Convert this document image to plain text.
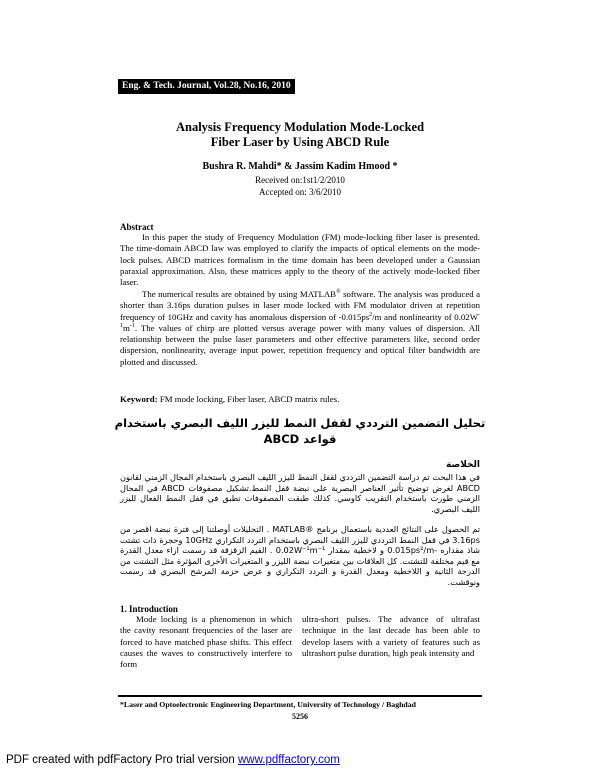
Eng. & Tech. Journal, Vol.28, No.16, 2010
Analysis Frequency Modulation Mode-Locked
Fiber Laser by Using ABCD Rule
Bushra R. Mahdi* & Jassim Kadim Hmood *
Received on:1st1/2/2010
Accepted on: 3/6/2010
Abstract
In this paper the study of Frequency Modulation (FM) mode-locking fiber laser is presented. The time-domain ABCD law was employed to clarify the impacts of optical elements on the mode-lock pulses. ABCD matrices formalism in the time domain has been developed under a Gaussian paraxial approximation. Also, these matrices apply to the theory of the actively mode-locked fiber laser.
The numerical results are obtained by using MATLAB® software. The analysis was produced a shorter than 3.16ps duration pulses in laser mode locked with FM modulator driven at repetition frequency of 10GHz and cavity has anomalous dispersion of $-0.015ps^2/m$ and nonlinearity of $0.02W^{-1}m^{-1}$. The values of chirp are plotted versus average power with many values of dispersion. All relationship between the pulse laser parameters and other effective parameters like, second order dispersion, nonlinearity, average input power, repetition frequency and optical filter bandwidth are plotted and discussed.
Keyword: FM mode locking, Fiber laser, ABCD matrix rules.
تحليل التضمين الترددي لقفل النمط لليزر الليف البصري باستخدام
قواعد ABCD
الخلاصة
في هذا البحث تم دراسة التضمين الترددي لقفل النمط لليزر الليف البصري باستخدام المجال الزمني لقانون ABCD لغرض توضيح تأثير العناصر البصرية على نبضة قفل النمط.تشكيل مصفوفات ABCD في المجال الزمني طورت باستخدام التقريب كاوسي. كذلك طبقت المصفوفات تطبق في قفل النمط الفعال لليزر الليف البصري.
تم الحصول على النتائج العددية باستعمال برنامج ®MATLAB . التحليلات أوصلتنا إلى فترة نبضة اقصر من 3.16ps في قفل النمط الترددي لليزر الليف البصري باستخدام التردد التكراري 10GHz وحجرة ذات تشتت شاذ مقداره -0.015ps²/m و لاخطية بمقدار 0.02W⁻¹m⁻¹ . القيم الزقزقة قد رسمت ازاء معدل القدرة مع قيم مختلفة للتشتت. كل العلاقات بين متغيرات نبضة الليزر و المتغيرات الأخرى المؤثرة مثل التشتت من الدرجة الثانية و اللاخطية ومعدل القدرة و التردد التكراري و عرض حزمة المرشح البصري قد رسمت ونوقشت.
1. Introduction
Mode locking is a phenomenon in which the cavity resonant frequencies of the laser are forced to have matched phase shifts. This effect causes the waves to constructively interfere to form
ultra-short pulses. The advance of ultrafast technique in the last decade has been able to develop lasers with a variety of features such as ultrashort pulse duration, high peak intensity and
*Laser and Optoelectronic Engineering Department, University of Technology / Baghdad
5256
PDF created with pdfFactory Pro trial version www.pdffactory.com
